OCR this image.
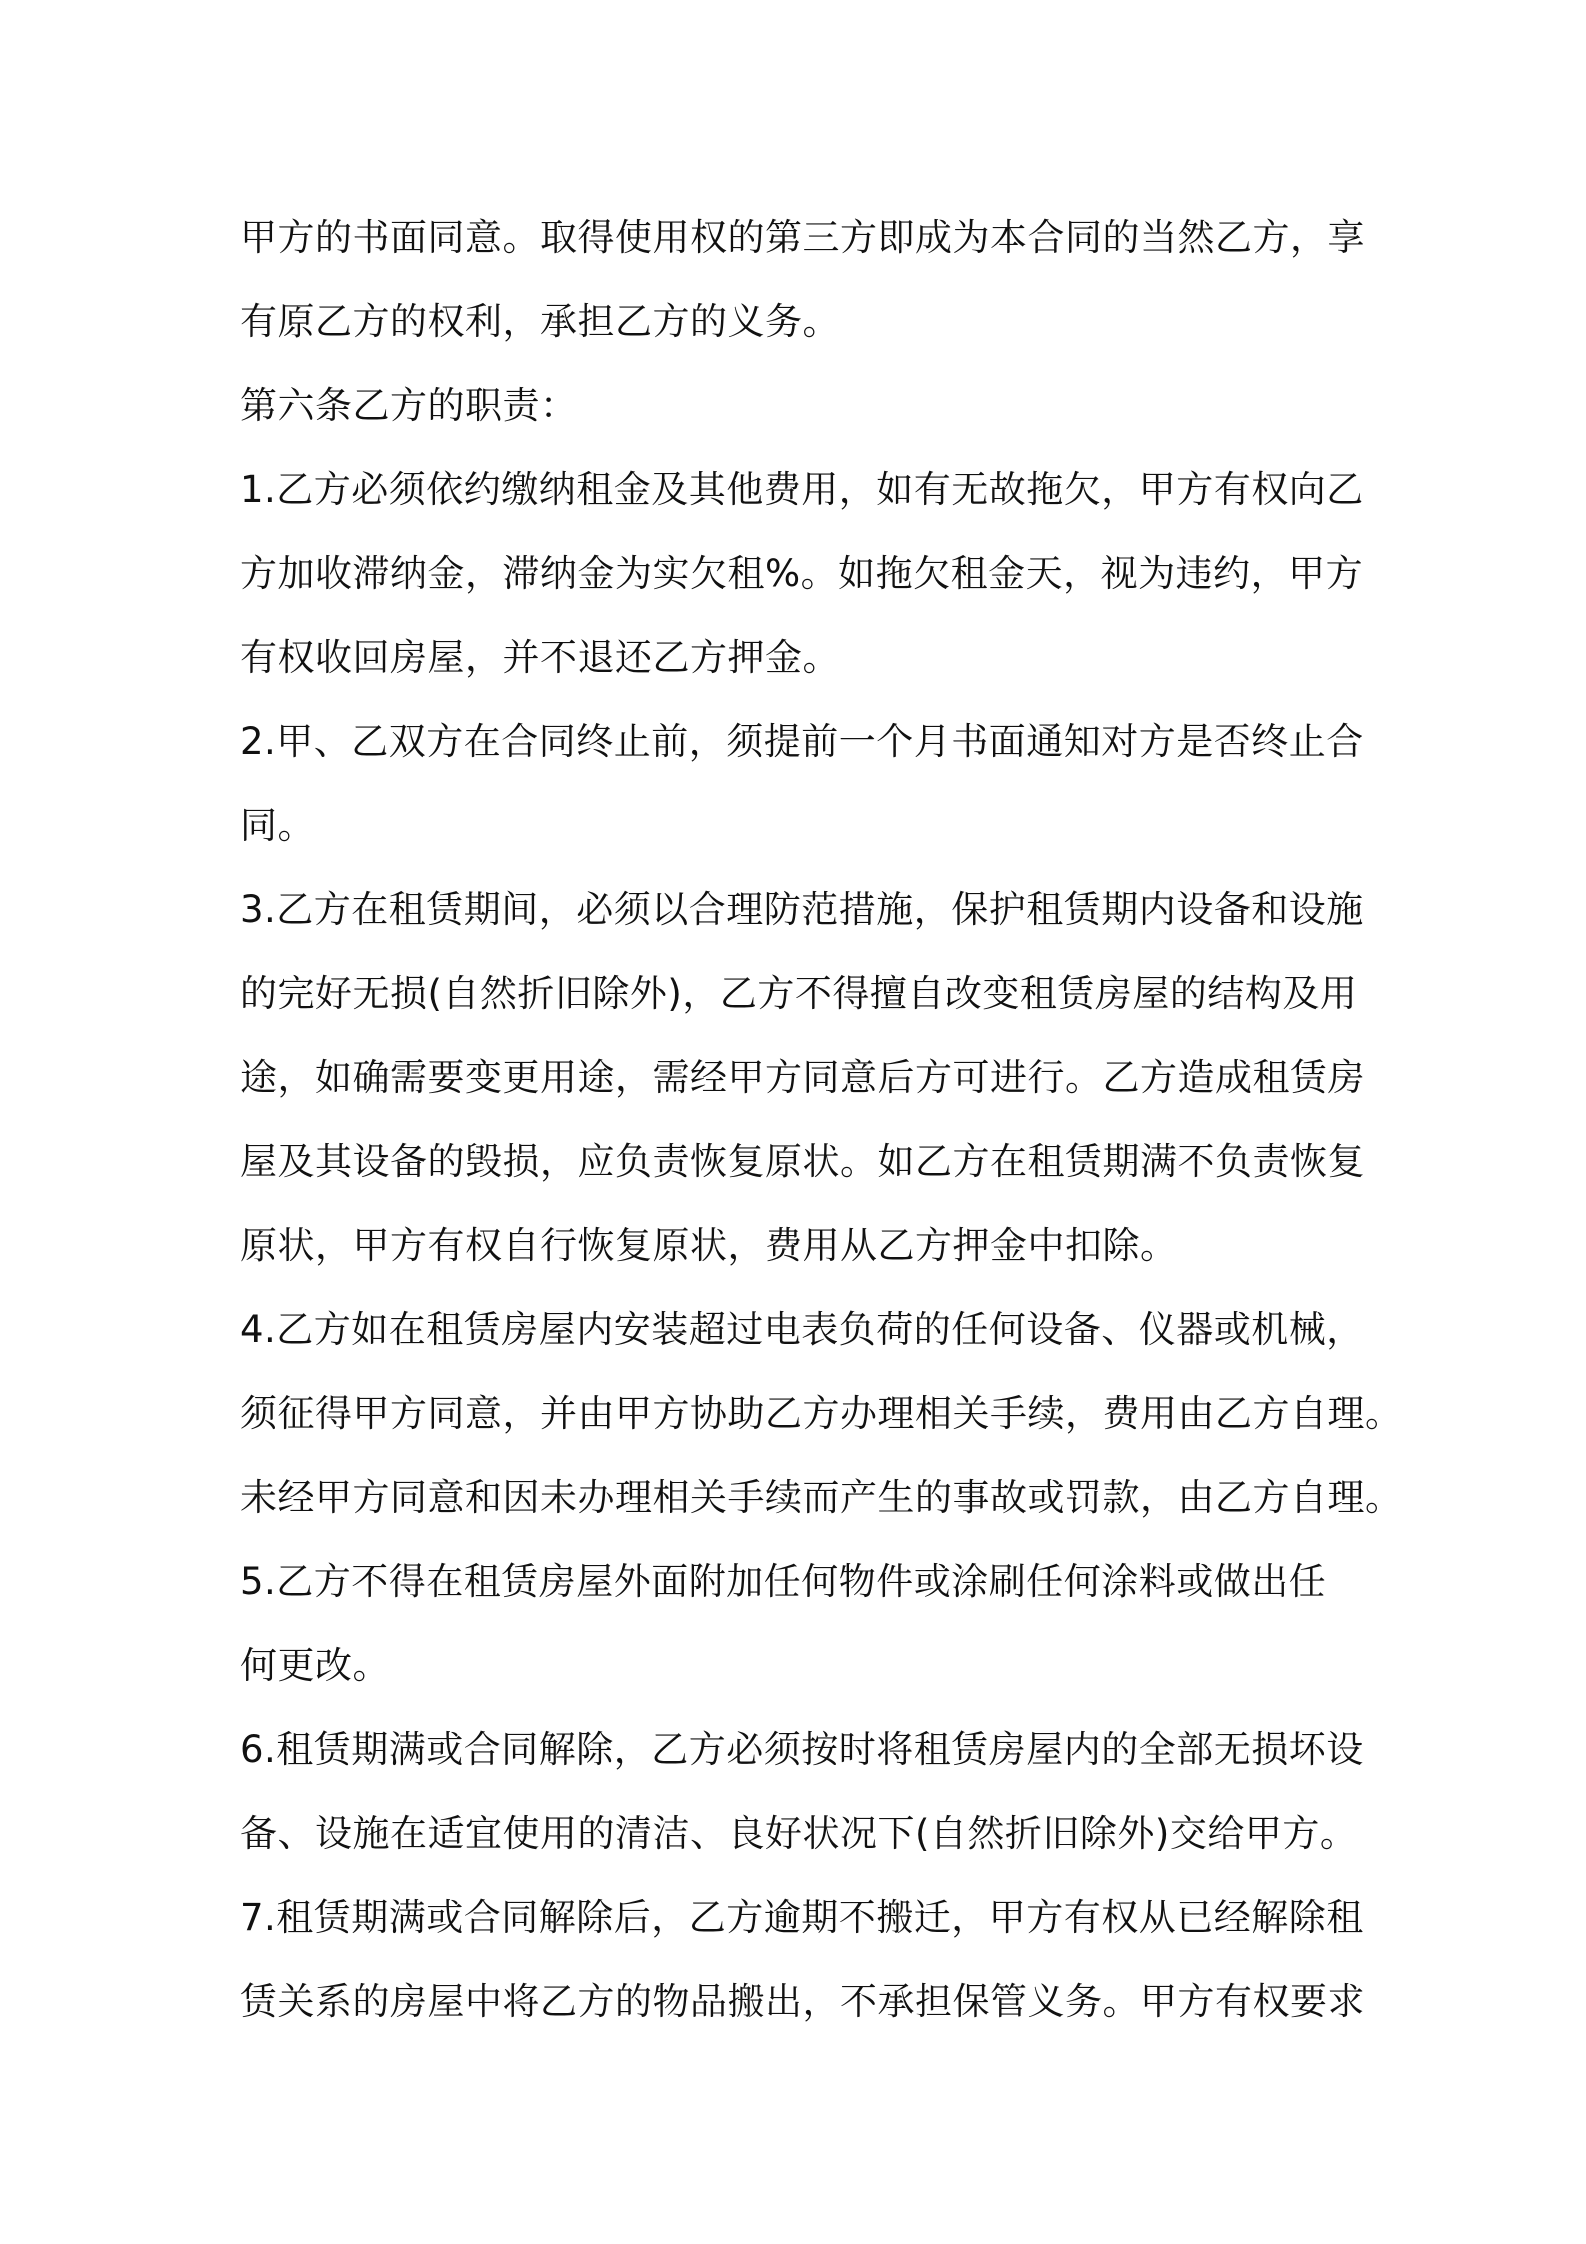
甲方的书面同意。取得使用权的第三方即成为本合同的当然乙方，享
有原乙方的权利，承担乙方的义务。
第六条乙方的职责：
1.乙方必须依约缴纳租金及其他费用，如有无故拖欠，甲方有权向乙
方加收滞纳金，滞纳金为实欠租%。如拖欠租金天，视为违约，甲方
有权收回房屋，并不退还乙方押金。
2.甲、乙双方在合同终止前，须提前一个月书面通知对方是否终止合
同。
3.乙方在租赁期间，必须以合理防范措施，保护租赁期内设备和设施
的完好无损(自然折旧除外)，乙方不得擅自改变租赁房屋的结构及用
途，如确需要变更用途，需经甲方同意后方可进行。乙方造成租赁房
屋及其设备的毁损，应负责恢复原状。如乙方在租赁期满不负责恢复
原状，甲方有权自行恢复原状，费用从乙方押金中扣除。
4.乙方如在租赁房屋内安装超过电表负荷的任何设备、仪器或机械，
须征得甲方同意，并由甲方协助乙方办理相关手续，费用由乙方自理。
未经甲方同意和因未办理相关手续而产生的事故或罚款，由乙方自理。
5.乙方不得在租赁房屋外面附加任何物件或涂刷任何涂料或做出任
何更改。
6.租赁期满或合同解除，乙方必须按时将租赁房屋内的全部无损坏设
备、设施在适宜使用的清洁、良好状况下(自然折旧除外)交给甲方。
7.租赁期满或合同解除后，乙方逾期不搬迁，甲方有权从已经解除租
赁关系的房屋中将乙方的物品搬出，不承担保管义务。甲方有权要求
